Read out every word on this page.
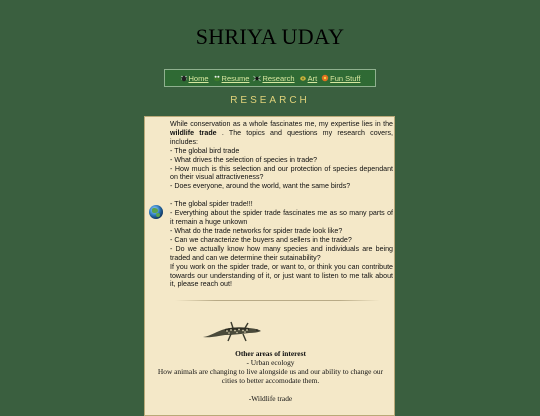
SHRIYA UDAY
Home Resume Research Art Fun Stuff
RESEARCH

While conservation as a whole fascinates me, my expertise lies in the wildlife trade . The topics and questions my research covers, includes:

- The global bird trade

- What drives the selection of species in trade?

- How much is this selection and our protection of species dependant on their visual attractiveness?

- Does everyone, around the world, want the same birds?

- The global spider trade!!!

- Everything about the spider trade fascinates me as so many parts of it remain a huge unkown

- What do the trade networks for spider trade look like?

- Can we characterize the buyers and sellers in the trade?

- Do we actually know how many species and individuals are being traded and can we determine their sutainability?

If you work on the spider trade, or want to, or think you can contribute towards our understanding of it, or just want to listen to me talk about it, please reach out!

Other areas of interest

- Urban ecology

How animals are changing to live alongside us and our ability to change our cities to better accomodate them.

-Wildlife trade
